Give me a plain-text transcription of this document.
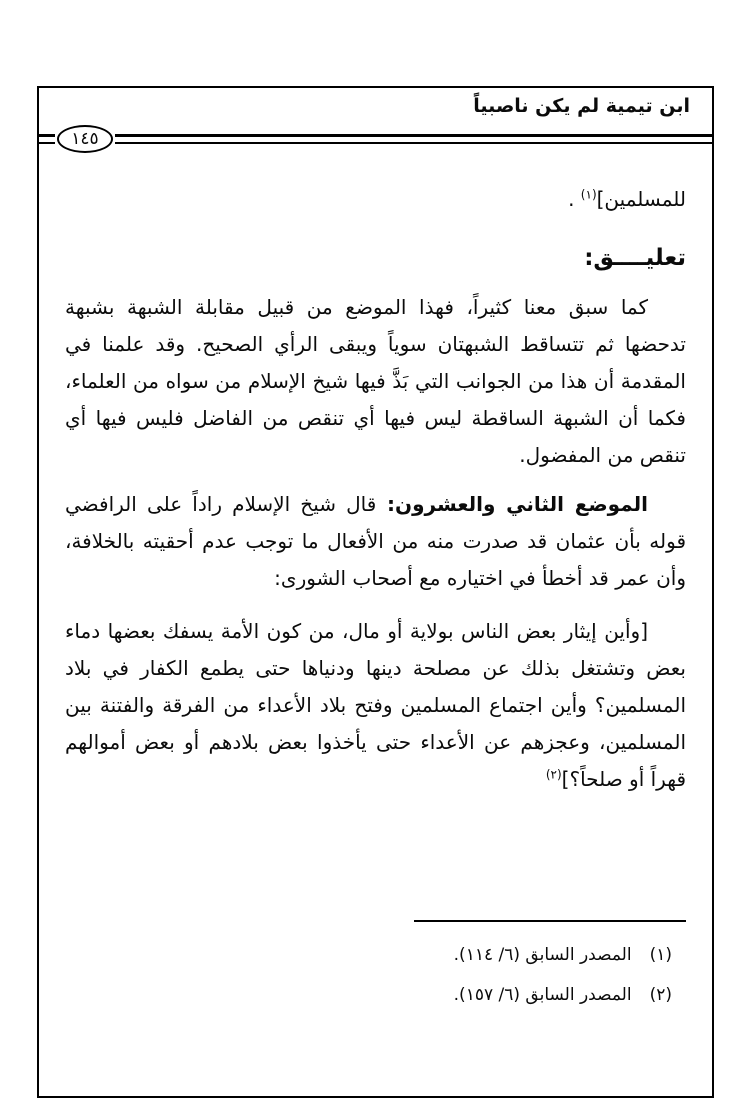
ابن تيمية لم يكن ناصبياً
١٤٥

للمسلمين]$^{(١)}$ .

تعليــــق:

كما سبق معنا كثيراً، فهذا الموضع من قبيل مقابلة الشبهة بشبهة تدحضها ثم تتساقط الشبهتان سوياً ويبقى الرأي الصحيح. وقد علمنا في المقدمة أن هذا من الجوانب التي بَذَّ فيها شيخ الإسلام من سواه من العلماء، فكما أن الشبهة الساقطة ليس فيها أي تنقص من الفاضل فليس فيها أي تنقص من المفضول.

الموضع الثاني والعشرون: قال شيخ الإسلام راداً على الرافضي قوله بأن عثمان قد صدرت منه من الأفعال ما توجب عدم أحقيته بالخلافة، وأن عمر قد أخطأ في اختياره مع أصحاب الشورى:

[وأين إيثار بعض الناس بولاية أو مال، من كون الأمة يسفك بعضها دماء بعض وتشتغل بذلك عن مصلحة دينها ودنياها حتى يطمع الكفار في بلاد المسلمين؟ وأين اجتماع المسلمين وفتح بلاد الأعداء من الفرقة والفتنة بين المسلمين، وعجزهم عن الأعداء حتى يأخذوا بعض بلادهم أو بعض أموالهم قهراً أو صلحاً؟]$^{(٢)}$

(١)
المصدر السابق (٦/ ١١٤).
(٢)
المصدر السابق (٦/ ١٥٧).
